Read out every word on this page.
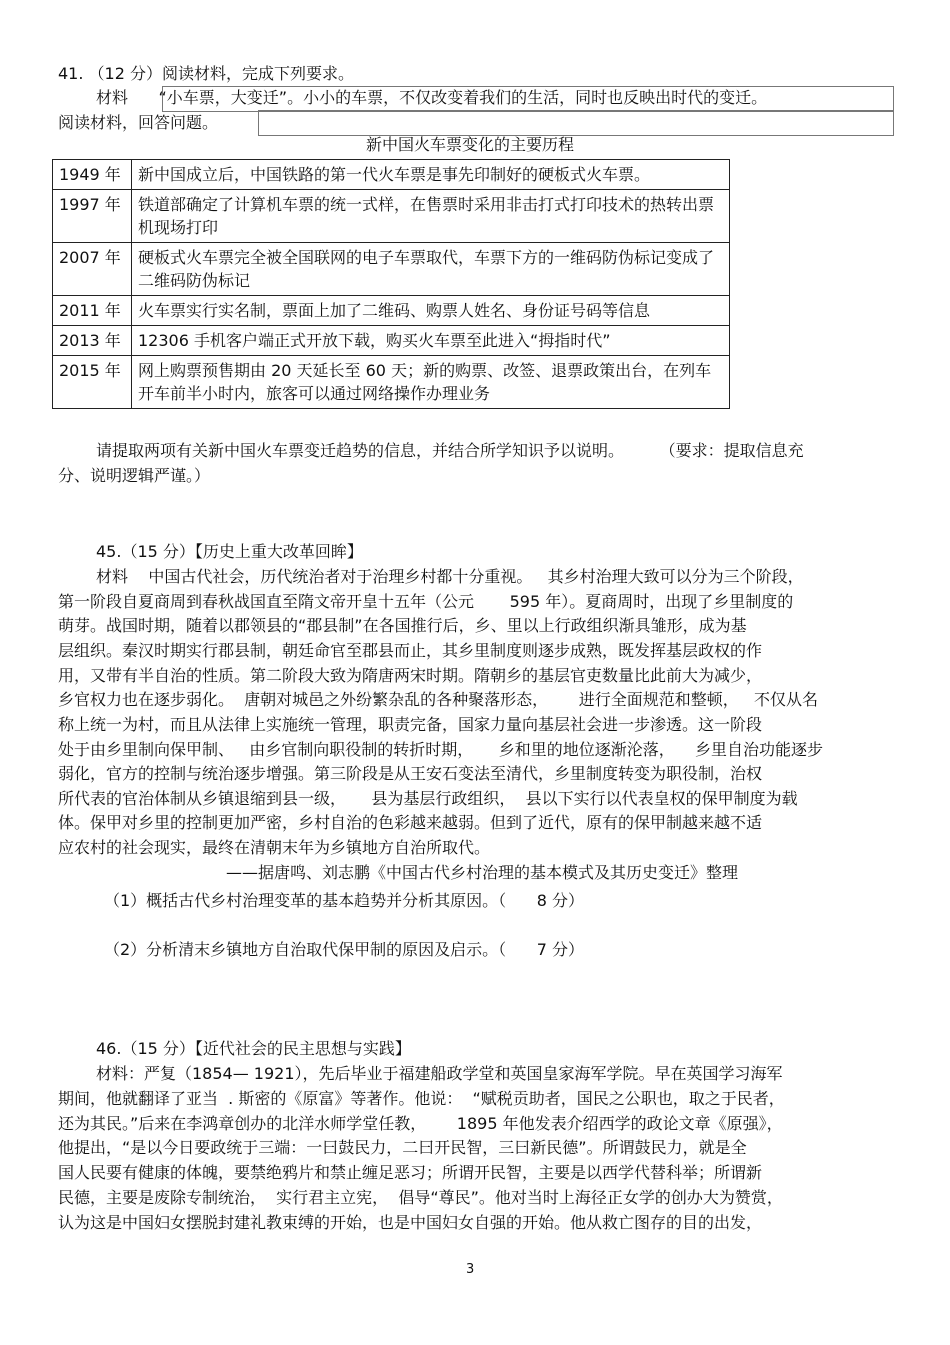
41. （12 分）阅读材料，完成下列要求。
材料      “小车票，大变迁”。小小的车票，不仅改变着我们的生活，同时也反映出时代的变迁。
阅读材料，回答问题。
新中国火车票变化的主要历程
1949 年	新中国成立后，中国铁路的第一代火车票是事先印制好的硬板式火车票。
1997 年	铁道部确定了计算机车票的统一式样，在售票时采用非击打式打印技术的热转出票机现场打印
2007 年	硬板式火车票完全被全国联网的电子车票取代，车票下方的一维码防伪标记变成了二维码防伪标记
2011 年	火车票实行实名制，票面上加了二维码、购票人姓名、身份证号码等信息
2013 年	12306 手机客户端正式开放下载，购买火车票至此进入“拇指时代”
2015 年	网上购票预售期由 20 天延长至 60 天；新的购票、改签、退票政策出台，在列车开车前半小时内，旅客可以通过网络操作办理业务
请提取两项有关新中国火车票变迁趋势的信息，并结合所学知识予以说明。       （要求：提取信息充
分、说明逻辑严谨。）
45.（15 分）【历史上重大改革回眸】
材料    中国古代社会，历代统治者对于治理乡村都十分重视。   其乡村治理大致可以分为三个阶段，
第一阶段自夏商周到春秋战国直至隋文帝开皇十五年（公元       595 年）。夏商周时，出现了乡里制度的
萌芽。战国时期，随着以郡领县的“郡县制”在各国推行后，乡、里以上行政组织渐具雏形，成为基
层组织。秦汉时期实行郡县制，朝廷命官至郡县而止，其乡里制度则逐步成熟，既发挥基层政权的作
用，又带有半自治的性质。第二阶段大致为隋唐两宋时期。隋朝乡的基层官吏数量比此前大为减少，
乡官权力也在逐步弱化。  唐朝对城邑之外纷繁杂乱的各种聚落形态，      进行全面规范和整顿，   不仅从名
称上统一为村，而且从法律上实施统一管理，职责完备，国家力量向基层社会进一步渗透。这一阶段
处于由乡里制向保甲制、   由乡官制向职役制的转折时期，     乡和里的地位逐渐沦落，    乡里自治功能逐步
弱化，官方的控制与统治逐步增强。第三阶段是从王安石变法至清代，乡里制度转变为职役制，治权
所代表的官治体制从乡镇退缩到县一级，     县为基层行政组织，  县以下实行以代表皇权的保甲制度为载
体。保甲对乡里的控制更加严密，乡村自治的色彩越来越弱。但到了近代，原有的保甲制越来越不适
应农村的社会现实，最终在清朝末年为乡镇地方自治所取代。
——据唐鸣、刘志鹏《中国古代乡村治理的基本模式及其历史变迁》整理
（1）概括古代乡村治理变革的基本趋势并分析其原因。（      8 分）
（2）分析清末乡镇地方自治取代保甲制的原因及启示。（      7 分）
46.（15 分）【近代社会的民主思想与实践】
材料：严复（1854— 1921），先后毕业于福建船政学堂和英国皇家海军学院。早在英国学习海军
期间，他就翻译了亚当  . 斯密的《原富》等著作。他说：  “赋税贡助者，国民之公职也，取之于民者，
还为其民。”后来在李鸿章创办的北洋水师学堂任教，      1895 年他发表介绍西学的政论文章《原强》，
他提出，“是以今日要政统于三端：一曰鼓民力，二曰开民智，三曰新民德”。所谓鼓民力，就是全
国人民要有健康的体魄，要禁绝鸦片和禁止缠足恶习；所谓开民智，主要是以西学代替科举；所谓新
民德，主要是废除专制统治，  实行君主立宪，  倡导“尊民”。他对当时上海径正女学的创办大为赞赏，
认为这是中国妇女摆脱封建礼教束缚的开始，也是中国妇女自强的开始。他从救亡图存的目的出发，
3
